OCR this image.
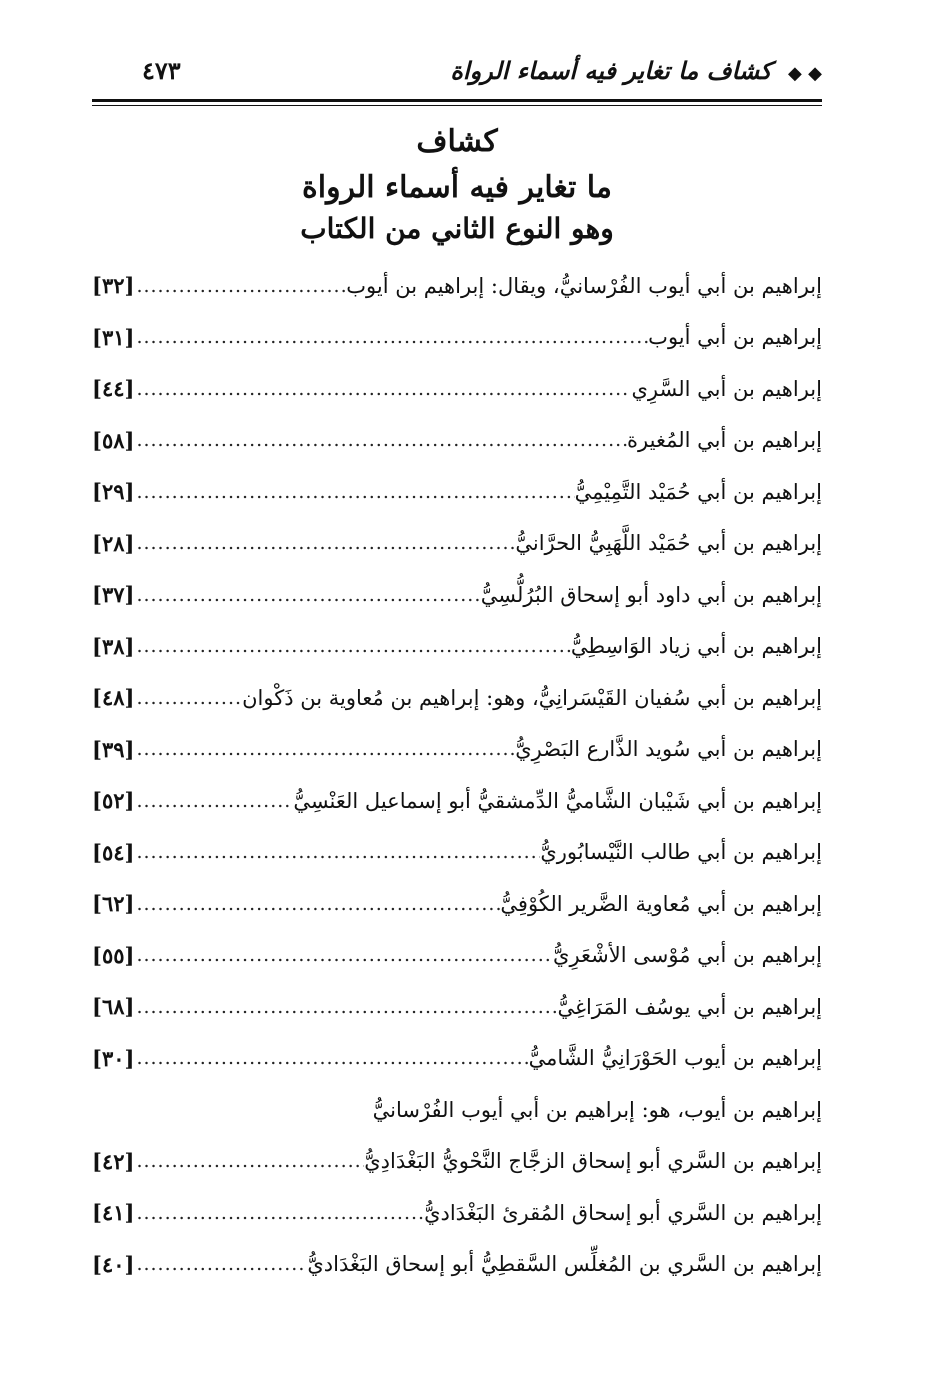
◆ ◆ كشاف ما تغاير فيه أسماء الرواة
٤٧٣
كشاف
ما تغاير فيه أسماء الرواة
وهو النوع الثاني من الكتاب
إبراهيم بن أبي أيوب الفُرْسانيُّ، ويقال: إبراهيم بن أيوب
.....
[٣٢]
إبراهيم بن أبي أيوب
.....
[٣١]
إبراهيم بن أبي السَّرِي
.....
[٤٤]
إبراهيم بن أبي المُغيرة
.....
[٥٨]
إبراهيم بن أبي حُمَيْد التَّمِيْمِيُّ
.....
[٢٩]
إبراهيم بن أبي حُمَيْد اللَّهَبِيُّ الحرَّانيُّ
.....
[٢٨]
إبراهيم بن أبي داود أبو إسحاق البُرُلُّسِيُّ
.....
[٣٧]
إبراهيم بن أبي زياد الوَاسِطِيُّ
.....
[٣٨]
إبراهيم بن أبي سُفيان القَيْسَرانِيُّ، وهو: إبراهيم بن مُعاوية بن ذَكْوان
.....
[٤٨]
إبراهيم بن أبي سُويد الذَّارع البَصْرِيُّ
.....
[٣٩]
إبراهيم بن أبي شَيْبان الشَّاميُّ الدِّمشقيُّ أبو إسماعيل العَنْسِيُّ
.....
[٥٢]
إبراهيم بن أبي طالب النَّيْسابُوريُّ
.....
[٥٤]
إبراهيم بن أبي مُعاوية الضَّرير الكُوْفِيُّ
.....
[٦٢]
إبراهيم بن أبي مُوْسى الأشْعَرِيُّ
.....
[٥٥]
إبراهيم بن أبي يوسُف المَرَاغِيُّ
.....
[٦٨]
إبراهيم بن أيوب الحَوْرَانِيُّ الشَّاميُّ
.....
[٣٠]
إبراهيم بن أيوب، هو: إبراهيم بن أبي أيوب الفُرْسانيُّ
إبراهيم بن السَّري أبو إسحاق الزجَّاج النَّحْويُّ البَغْدَادِيُّ
.....
[٤٢]
إبراهيم بن السَّري أبو إسحاق المُقرئ البَغْدَاديُّ
.....
[٤١]
إبراهيم بن السَّري بن المُغلِّس السَّقطِيُّ أبو إسحاق البَغْدَاديُّ
.....
[٤٠]
